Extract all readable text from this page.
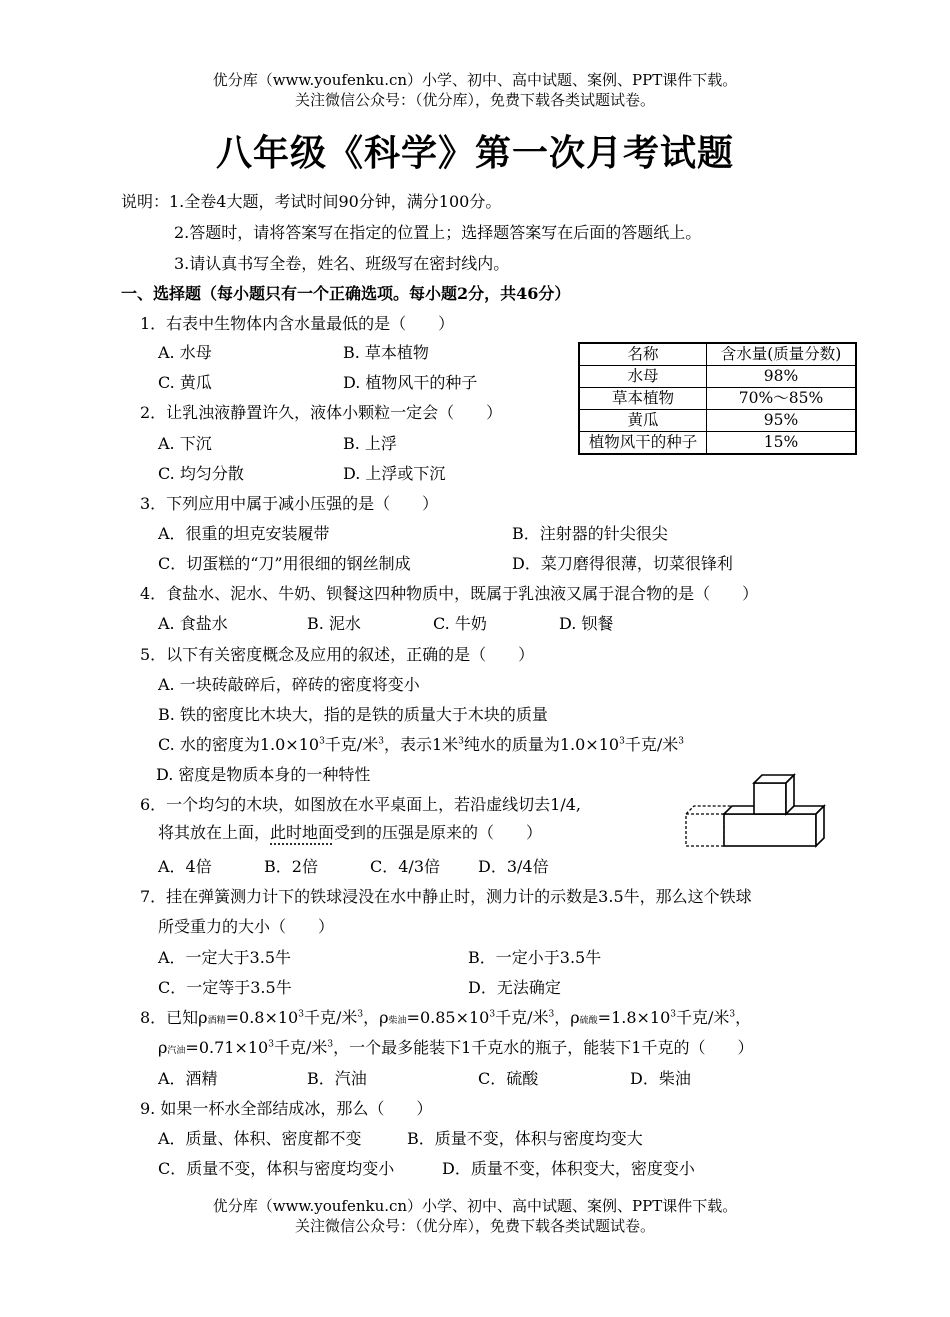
优分库（www.youfenku.cn）小学、初中、高中试题、案例、PPT课件下载。
关注微信公众号：（优分库），免费下载各类试题试卷。
八年级《科学》第一次月考试题
说明：1.全卷4大题，考试时间90分钟，满分100分。
2.答题时，请将答案写在指定的位置上；选择题答案写在后面的答题纸上。
3.请认真书写全卷，姓名、班级写在密封线内。
一、选择题（每小题只有一个正确选项。每小题2分，共46分）
1．右表中生物体内含水量最低的是（　　）
A. 水母	B. 草本植物
C. 黄瓜	D. 植物风干的种子
名称	含水量(质量分数)
水母	98%
草本植物	70%～85%
黄瓜	95%
植物风干的种子	15%
2．让乳浊液静置许久，液体小颗粒一定会（　　）
A. 下沉	B. 上浮
C. 均匀分散	D. 上浮或下沉
3．下列应用中属于减小压强的是（　　）
A．很重的坦克安装履带	B．注射器的针尖很尖
C．切蛋糕的“刀”用很细的钢丝制成	D．菜刀磨得很薄，切菜很锋利
4．食盐水、泥水、牛奶、钡餐这四种物质中，既属于乳浊液又属于混合物的是（　　）
A. 食盐水	B. 泥水	C. 牛奶	D. 钡餐
5．以下有关密度概念及应用的叙述，正确的是（　　）
A. 一块砖敲碎后，碎砖的密度将变小
B. 铁的密度比木块大，指的是铁的质量大于木块的质量
C. 水的密度为$1.0\times 10^3$千克/米$^3$，表示1米$^3$纯水的质量为$1.0\times 10^3$千克/米$^3$
D. 密度是物质本身的一种特性
6．一个均匀的木块，如图放在水平桌面上，若沿虚线切去1/4,
将其放在上面，此时地面受到的压强是原来的（　　）
A．4倍	B．2倍	C．4/3倍 D．3/4倍
7．挂在弹簧测力计下的铁球浸没在水中静止时，测力计的示数是3.5牛，那么这个铁球
所受重力的大小（　　）
A．一定大于3.5牛	B．一定小于3.5牛
C．一定等于3.5牛	D．无法确定
8．已知ρ酒精$=0.8\times 10^3$千克/米$^3$，ρ柴油$=0.85\times 10^3$千克/米$^3$，ρ硫酸$=1.8\times 10^3$千克/米$^3$，
ρ汽油$=0.71\times 10^3$千克/米$^3$，一个最多能装下1千克水的瓶子，能装下1千克的（　　）
A．酒精	B．汽油	C．硫酸	D．柴油
9. 如果一杯水全部结成冰，那么（　　）
A．质量、体积、密度都不变	B．质量不变，体积与密度均变大
C．质量不变，体积与密度均变小	D．质量不变，体积变大，密度变小
优分库（www.youfenku.cn）小学、初中、高中试题、案例、PPT课件下载。
关注微信公众号：（优分库），免费下载各类试题试卷。
